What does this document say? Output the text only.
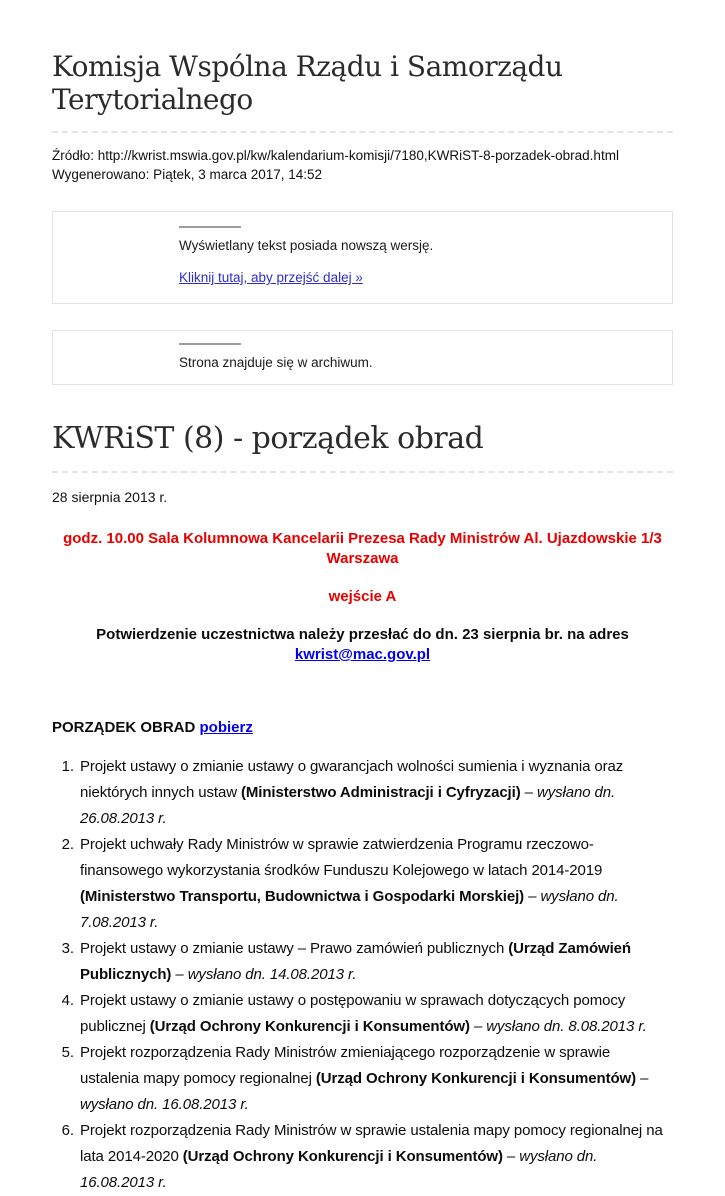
Komisja Wspólna Rządu i Samorządu Terytorialnego
Źródło: http://kwrist.mswia.gov.pl/kw/kalendarium-komisji/7180,KWRiST-8-porzadek-obrad.html
Wygenerowano: Piątek, 3 marca 2017, 14:52
Wyświetlany tekst posiada nowszą wersję.
Kliknij tutaj, aby przejść dalej »
Strona znajduje się w archiwum.
KWRiST (8) - porządek obrad
28 sierpnia 2013 r.

godz. 10.00 Sala Kolumnowa Kancelarii Prezesa Rady Ministrów Al. Ujazdowskie 1/3  Warszawa

wejście A

Potwierdzenie uczestnictwa należy przesłać do dn. 23 sierpnia br. na adres kwrist@mac.gov.pl

PORZĄDEK OBRAD pobierz
1. Projekt ustawy o zmianie ustawy o gwarancjach wolności sumienia i wyznania oraz niektórych innych ustaw (Ministerstwo Administracji i Cyfryzacji) – wysłano dn. 26.08.2013 r.
2. Projekt uchwały Rady Ministrów w sprawie zatwierdzenia Programu rzeczowo-finansowego wykorzystania środków Funduszu Kolejowego w latach 2014-2019 (Ministerstwo Transportu, Budownictwa i Gospodarki Morskiej) – wysłano dn. 7.08.2013 r.
3. Projekt ustawy o zmianie ustawy – Prawo zamówień publicznych (Urząd Zamówień Publicznych) – wysłano dn. 14.08.2013 r.
4. Projekt ustawy o zmianie ustawy o postępowaniu w sprawach dotyczących pomocy publicznej (Urząd Ochrony Konkurencji i Konsumentów) – wysłano dn. 8.08.2013 r.
5. Projekt rozporządzenia Rady Ministrów zmieniającego rozporządzenie w sprawie ustalenia mapy pomocy regionalnej (Urząd Ochrony Konkurencji i Konsumentów) – wysłano dn. 16.08.2013 r.
6. Projekt rozporządzenia Rady Ministrów w sprawie ustalenia mapy pomocy regionalnej na lata 2014-2020 (Urząd Ochrony Konkurencji i Konsumentów) – wysłano dn. 16.08.2013 r.
